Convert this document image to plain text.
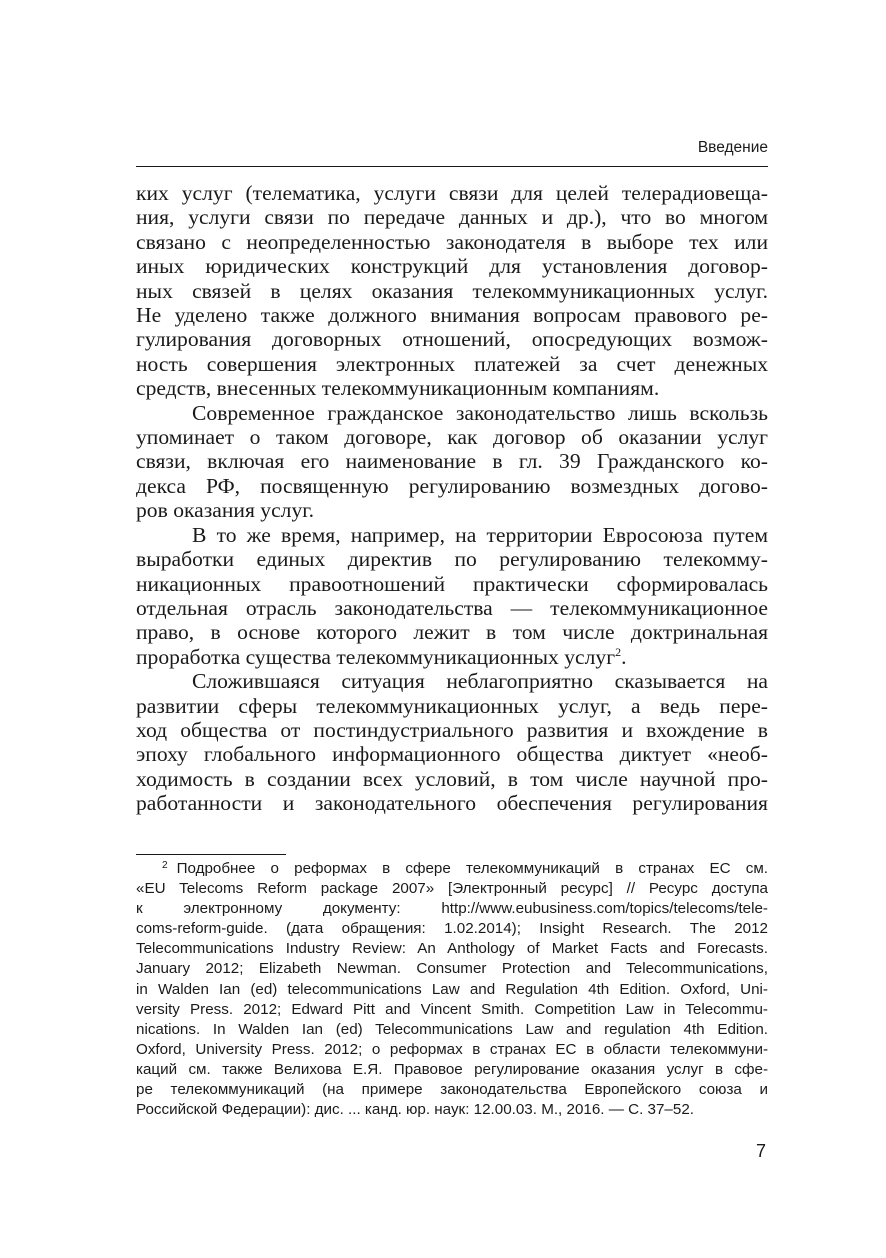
Введение

ких услуг (телематика, услуги связи для целей телерадиовеща-
ния, услуги связи по передаче данных и др.), что во многом
связано с неопределенностью законодателя в выборе тех или
иных юридических конструкций для установления договор-
ных связей в целях оказания телекоммуникационных услуг.
Не уделено также должного внимания вопросам правового ре-
гулирования договорных отношений, опосредующих возмож-
ность совершения электронных платежей за счет денежных
средств, внесенных телекоммуникационным компаниям.

Современное гражданское законодательство лишь вскользь
упоминает о таком договоре, как договор об оказании услуг
связи, включая его наименование в гл. 39 Гражданского ко-
декса РФ, посвященную регулированию возмездных догово-
ров оказания услуг.

В то же время, например, на территории Евросоюза путем
выработки единых директив по регулированию телекомму-
никационных правоотношений практически сформировалась
отдельная отрасль законодательства — телекоммуникационное
право, в основе которого лежит в том числе доктринальная
проработка существа телекоммуникационных услуг$^2$.

Сложившаяся ситуация неблагоприятно сказывается на
развитии сферы телекоммуникационных услуг, а ведь пере-
ход общества от постиндустриального развития и вхождение в
эпоху глобального информационного общества диктует «необ-
ходимость в создании всех условий, в том числе научной про-
работанности и законодательного обеспечения регулирования

$^2$ Подробнее о реформах в сфере телекоммуникаций в странах ЕС см.
«EU Telecoms Reform package 2007» [Электронный ресурс] // Ресурс доступа
к электронному документу: http://www.eubusiness.com/topics/telecoms/tele-
coms-reform-guide. (дата обращения: 1.02.2014); Insight Research. The 2012
Telecommunications Industry Review: An Anthology of Market Facts and Forecasts.
January 2012; Elizabeth Newman. Consumer Protection and Telecommunications,
in Walden Ian (ed) telecommunications Law and Regulation 4th Edition. Oxford, Uni-
versity Press. 2012; Edward Pitt and Vincent Smith. Competition Law in Telecommu-
nications. In Walden Ian (ed) Telecommunications Law and regulation 4th Edition.
Oxford, University Press. 2012; о реформах в странах ЕС в области телекоммуни-
каций см. также Велихова Е.Я. Правовое регулирование оказания услуг в сфе-
ре телекоммуникаций (на примере законодательства Европейского союза и
Российской Федерации): дис. ... канд. юр. наук: 12.00.03. М., 2016. — С. 37–52.

7
